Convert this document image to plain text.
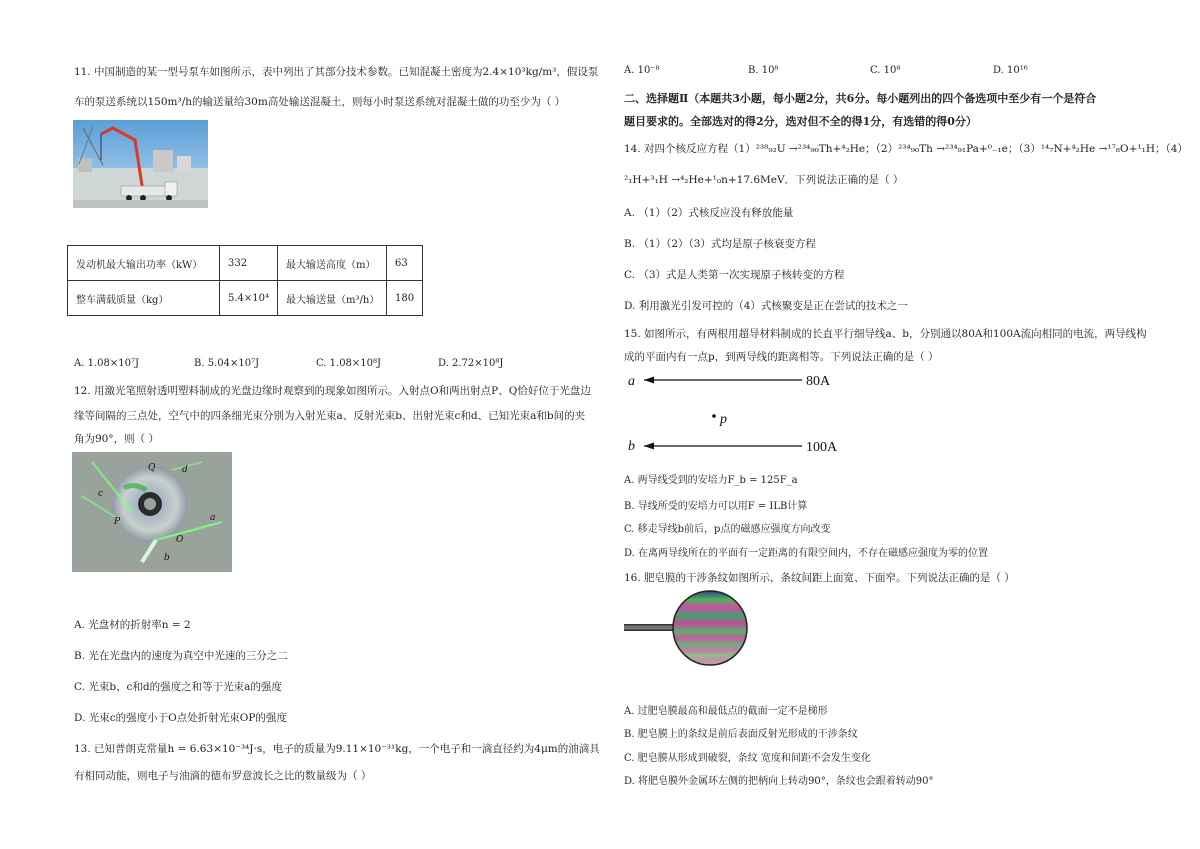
11. 中国制造的某一型号泵车如图所示，表中列出了其部分技术参数。已知混凝土密度为2.4×10³kg/m³，假设泵
车的泵送系统以150m³/h的输送量给30m高处输送混凝土，则每小时泵送系统对混凝土做的功至少为（ ）
发动机最大输出功率（kW）	332	最大输送高度（m）	63
整车满载质量（kg）	5.4×10⁴	最大输送量（m³/h）	180
A. 1.08×10⁷J	B. 5.04×10⁷J	C. 1.08×10⁸J	D. 2.72×10⁸J
12. 用激光笔照射透明塑料制成的光盘边缘时观察到的现象如图所示。入射点O和两出射点P、Q恰好位于光盘边
缘等间隔的三点处，空气中的四条细光束分别为入射光束a、反射光束b、出射光束c和d、已知光束a和b间的夹
角为90°，则（ ）
Q	d
c
P	a
O
b
A. 光盘材的折射率n = 2
B. 光在光盘内的速度为真空中光速的三分之二
C. 光束b、c和d的强度之和等于光束a的强度
D. 光束c的强度小于O点处折射光束OP的强度
13. 已知普朗克常量h = 6.63×10⁻³⁴J·s，电子的质量为9.11×10⁻³¹kg，一个电子和一滴直径约为4μm的油滴具
有相同动能，则电子与油滴的德布罗意波长之比的数量级为（ ）
A. 10⁻⁸	B. 10⁸	C. 10⁸	D. 10¹⁶
二、选择题Ⅱ（本题共3小题，每小题2分，共6分。每小题列出的四个备选项中至少有一个是符合
题目要求的。全部选对的得2分，选对但不全的得1分，有选错的得0分）
14. 对四个核反应方程（1）²³⁸₉₂U →²³⁴₉₀Th+⁴₂He；（2）²³⁴₉₀Th →²³⁴₉₁Pa+⁰₋₁e；（3）¹⁴₇N+⁴₂He →¹⁷₈O+¹₁H；（4）
²₁H+³₁H →⁴₂He+¹₀n+17.6MeV．下列说法正确的是（ ）
A. （1）（2）式核反应没有释放能量
B. （1）（2）（3）式均是原子核衰变方程
C. （3）式是人类第一次实现原子核转变的方程
D. 利用激光引发可控的（4）式核聚变是正在尝试的技术之一
15. 如图所示，有两根用超导材料制成的长直平行细导线a、b，分别通以80A和100A流向相同的电流，两导线构
成的平面内有一点p，到两导线的距离相等。下列说法正确的是（ ）
a	80A
p
b	100A
A. 两导线受到的安培力F_b = 125F_a
B. 导线所受的安培力可以用F = ILB计算
C. 移走导线b前后，p点的磁感应强度方向改变
D. 在离两导线所在的平面有一定距离的有限空间内，不存在磁感应强度为零的位置
16. 肥皂膜的干涉条纹如图所示，条纹间距上面宽、下面窄。下列说法正确的是（ ）
A. 过肥皂膜最高和最低点的截面一定不是梯形
B. 肥皂膜上的条纹是前后表面反射光形成的干涉条纹
C. 肥皂膜从形成到破裂，条纹 宽度和间距不会发生变化
D. 将肥皂膜外金属环左侧的把柄向上转动90°，条纹也会跟着转动90°
